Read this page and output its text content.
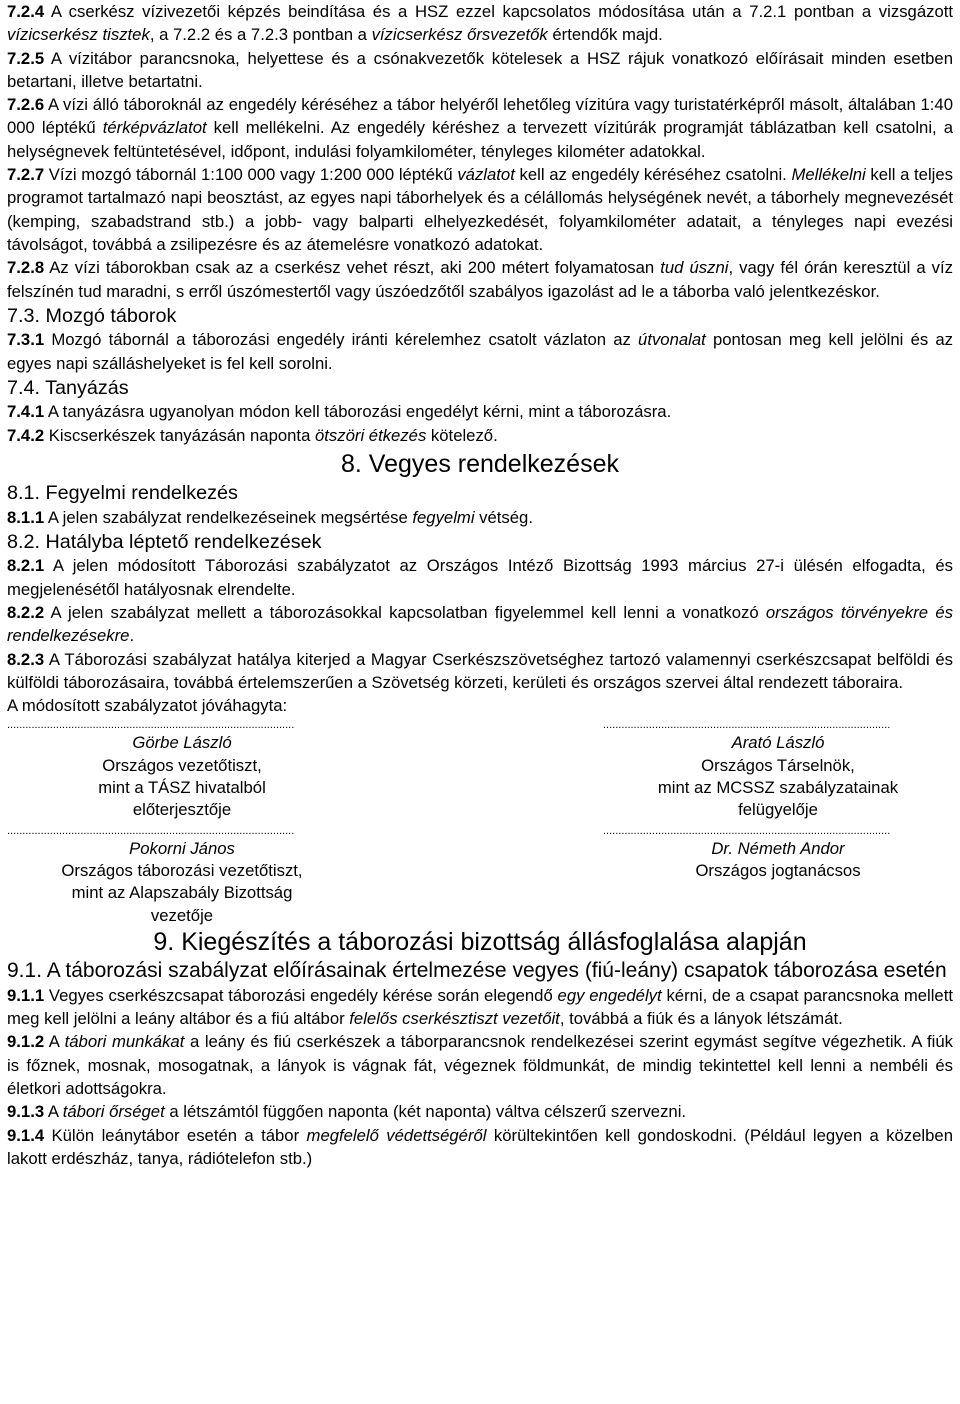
7.2.4 A cserkész vízivezetői képzés beindítása és a HSZ ezzel kapcsolatos módosítása után a 7.2.1 pontban a vizsgázott vízicserkész tisztek, a 7.2.2 és a 7.2.3 pontban a vízicserkész őrsvezetők értendők majd.

7.2.5 A vízitábor parancsnoka, helyettese és a csónakvezetők kötelesek a HSZ rájuk vonatkozó előírásait minden esetben betartani, illetve betartatni.

7.2.6 A vízi álló táboroknál az engedély kéréséhez a tábor helyéről lehetőleg vízitúra vagy turistatérképről másolt, általában 1:40 000 léptékű térképvázlatot kell mellékelni. Az engedély kéréshez a tervezett vízitúrák programját táblázatban kell csatolni, a helységnevek feltüntetésével, időpont, indulási folyamkilométer, tényleges kilométer adatokkal.

7.2.7 Vízi mozgó tábornál 1:100 000 vagy 1:200 000 léptékű vázlatot kell az engedély kéréséhez csatolni. Mellékelni kell a teljes programot tartalmazó napi beosztást, az egyes napi táborhelyek és a célállomás helységének nevét, a táborhely megnevezését (kemping, szabadstrand stb.) a jobb- vagy balparti elhelyezkedését, folyamkilométer adatait, a tényleges napi evezési távolságot, továbbá a zsilipezésre és az átemelésre vonatkozó adatokat.

7.2.8 Az vízi táborokban csak az a cserkész vehet részt, aki 200 métert folyamatosan tud úszni, vagy fél órán keresztül a víz felszínén tud maradni, s erről úszómestertől vagy úszóedzőtől szabályos igazolást ad le a táborba való jelentkezéskor.

7.3. Mozgó táborok

7.3.1 Mozgó tábornál a táborozási engedély iránti kérelemhez csatolt vázlaton az útvonalat pontosan meg kell jelölni és az egyes napi szálláshelyeket is fel kell sorolni.

7.4. Tanyázás

7.4.1 A tanyázásra ugyanolyan módon kell táborozási engedélyt kérni, mint a táborozásra.

7.4.2 Kiscserkészek tanyázásán naponta ötszöri étkezés kötelező.

8. Vegyes rendelkezések

8.1. Fegyelmi rendelkezés

8.1.1 A jelen szabályzat rendelkezéseinek megsértése fegyelmi vétség.

8.2. Hatályba léptető rendelkezések

8.2.1 A jelen módosított Táborozási szabályzatot az Országos Intéző Bizottság 1993 március 27-i ülésén elfogadta, és megjelenésétől hatályosnak elrendelte.

8.2.2 A jelen szabályzat mellett a táborozásokkal kapcsolatban figyelemmel kell lenni a vonatkozó országos törvényekre és rendelkezésekre.

8.2.3 A Táborozási szabályzat hatálya kiterjed a Magyar Cserkészszövetséghez tartozó valamennyi cserkészcsapat belföldi és külföldi táborozásaira, továbbá értelemszerűen a Szövetség körzeti, kerületi és országos szervei által rendezett táboraira.

A módosított szabályzatot jóváhagyta:

..............................................................................................	..............................................................................................
Görbe László
Országos vezetőtiszt,
mint a TÁSZ hivatalból
előterjesztője
Arató László
Országos Társelnök,
mint az MCSSZ szabályzatainak
felügyelője
..............................................................................................	..............................................................................................
Pokorni János
Országos táborozási vezetőtiszt,
mint az Alapszabály Bizottság
vezetője
Dr. Németh Andor
Országos jogtanácsos

9. Kiegészítés a táborozási bizottság állásfoglalása alapján

9.1. A táborozási szabályzat előírásainak értelmezése vegyes (fiú-leány) csapatok táborozása esetén

9.1.1 Vegyes cserkészcsapat táborozási engedély kérése során elegendő egy engedélyt kérni, de a csapat parancsnoka mellett meg kell jelölni a leány altábor és a fiú altábor felelős cserkésztiszt vezetőit, továbbá a fiúk és a lányok létszámát.

9.1.2 A tábori munkákat a leány és fiú cserkészek a táborparancsnok rendelkezései szerint egymást segítve végezhetik. A fiúk is főznek, mosnak, mosogatnak, a lányok is vágnak fát, végeznek földmunkát, de mindig tekintettel kell lenni a nembéli és életkori adottságokra.

9.1.3 A tábori őrséget a létszámtól függően naponta (két naponta) váltva célszerű szervezni.

9.1.4 Külön leánytábor esetén a tábor megfelelő védettségéről körültekintően kell gondoskodni. (Például legyen a közelben lakott erdészház, tanya, rádiótelefon stb.)
